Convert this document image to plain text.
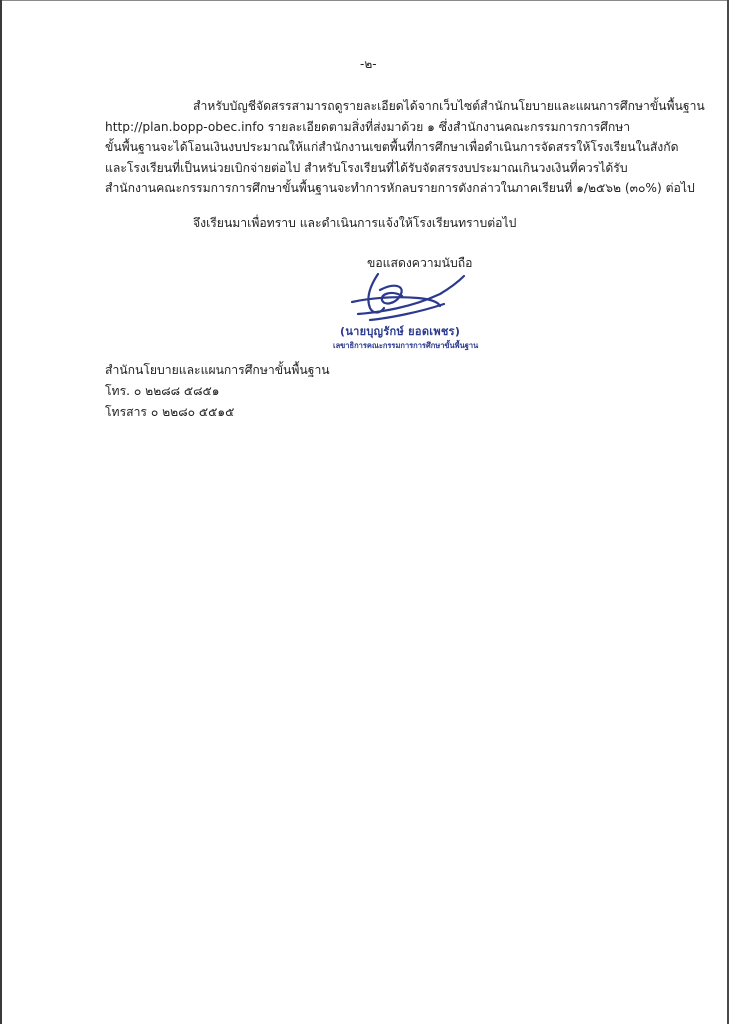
-๒-
สำหรับบัญชีจัดสรรสามารถดูรายละเอียดได้จากเว็บไซต์สำนักนโยบายและแผนการศึกษาขั้นพื้นฐาน
http://plan.bopp-obec.info รายละเอียดตามสิ่งที่ส่งมาด้วย ๑ ซึ่งสำนักงานคณะกรรมการการศึกษา
ขั้นพื้นฐานจะได้โอนเงินงบประมาณให้แก่สำนักงานเขตพื้นที่การศึกษาเพื่อดำเนินการจัดสรรให้โรงเรียนในสังกัด
และโรงเรียนที่เป็นหน่วยเบิกจ่ายต่อไป สำหรับโรงเรียนที่ได้รับจัดสรรงบประมาณเกินวงเงินที่ควรได้รับ
สำนักงานคณะกรรมการการศึกษาขั้นพื้นฐานจะทำการหักลบรายการดังกล่าวในภาคเรียนที่ ๑/๒๕๖๒ (๓๐%) ต่อไป
จึงเรียนมาเพื่อทราบ และดำเนินการแจ้งให้โรงเรียนทราบต่อไป
ขอแสดงความนับถือ
(นายบุญรักษ์ ยอดเพชร)
เลขาธิการคณะกรรมการการศึกษาขั้นพื้นฐาน
สำนักนโยบายและแผนการศึกษาขั้นพื้นฐาน
โทร. ๐ ๒๒๘๘ ๕๘๕๑
โทรสาร ๐ ๒๒๘๐ ๕๕๑๕
